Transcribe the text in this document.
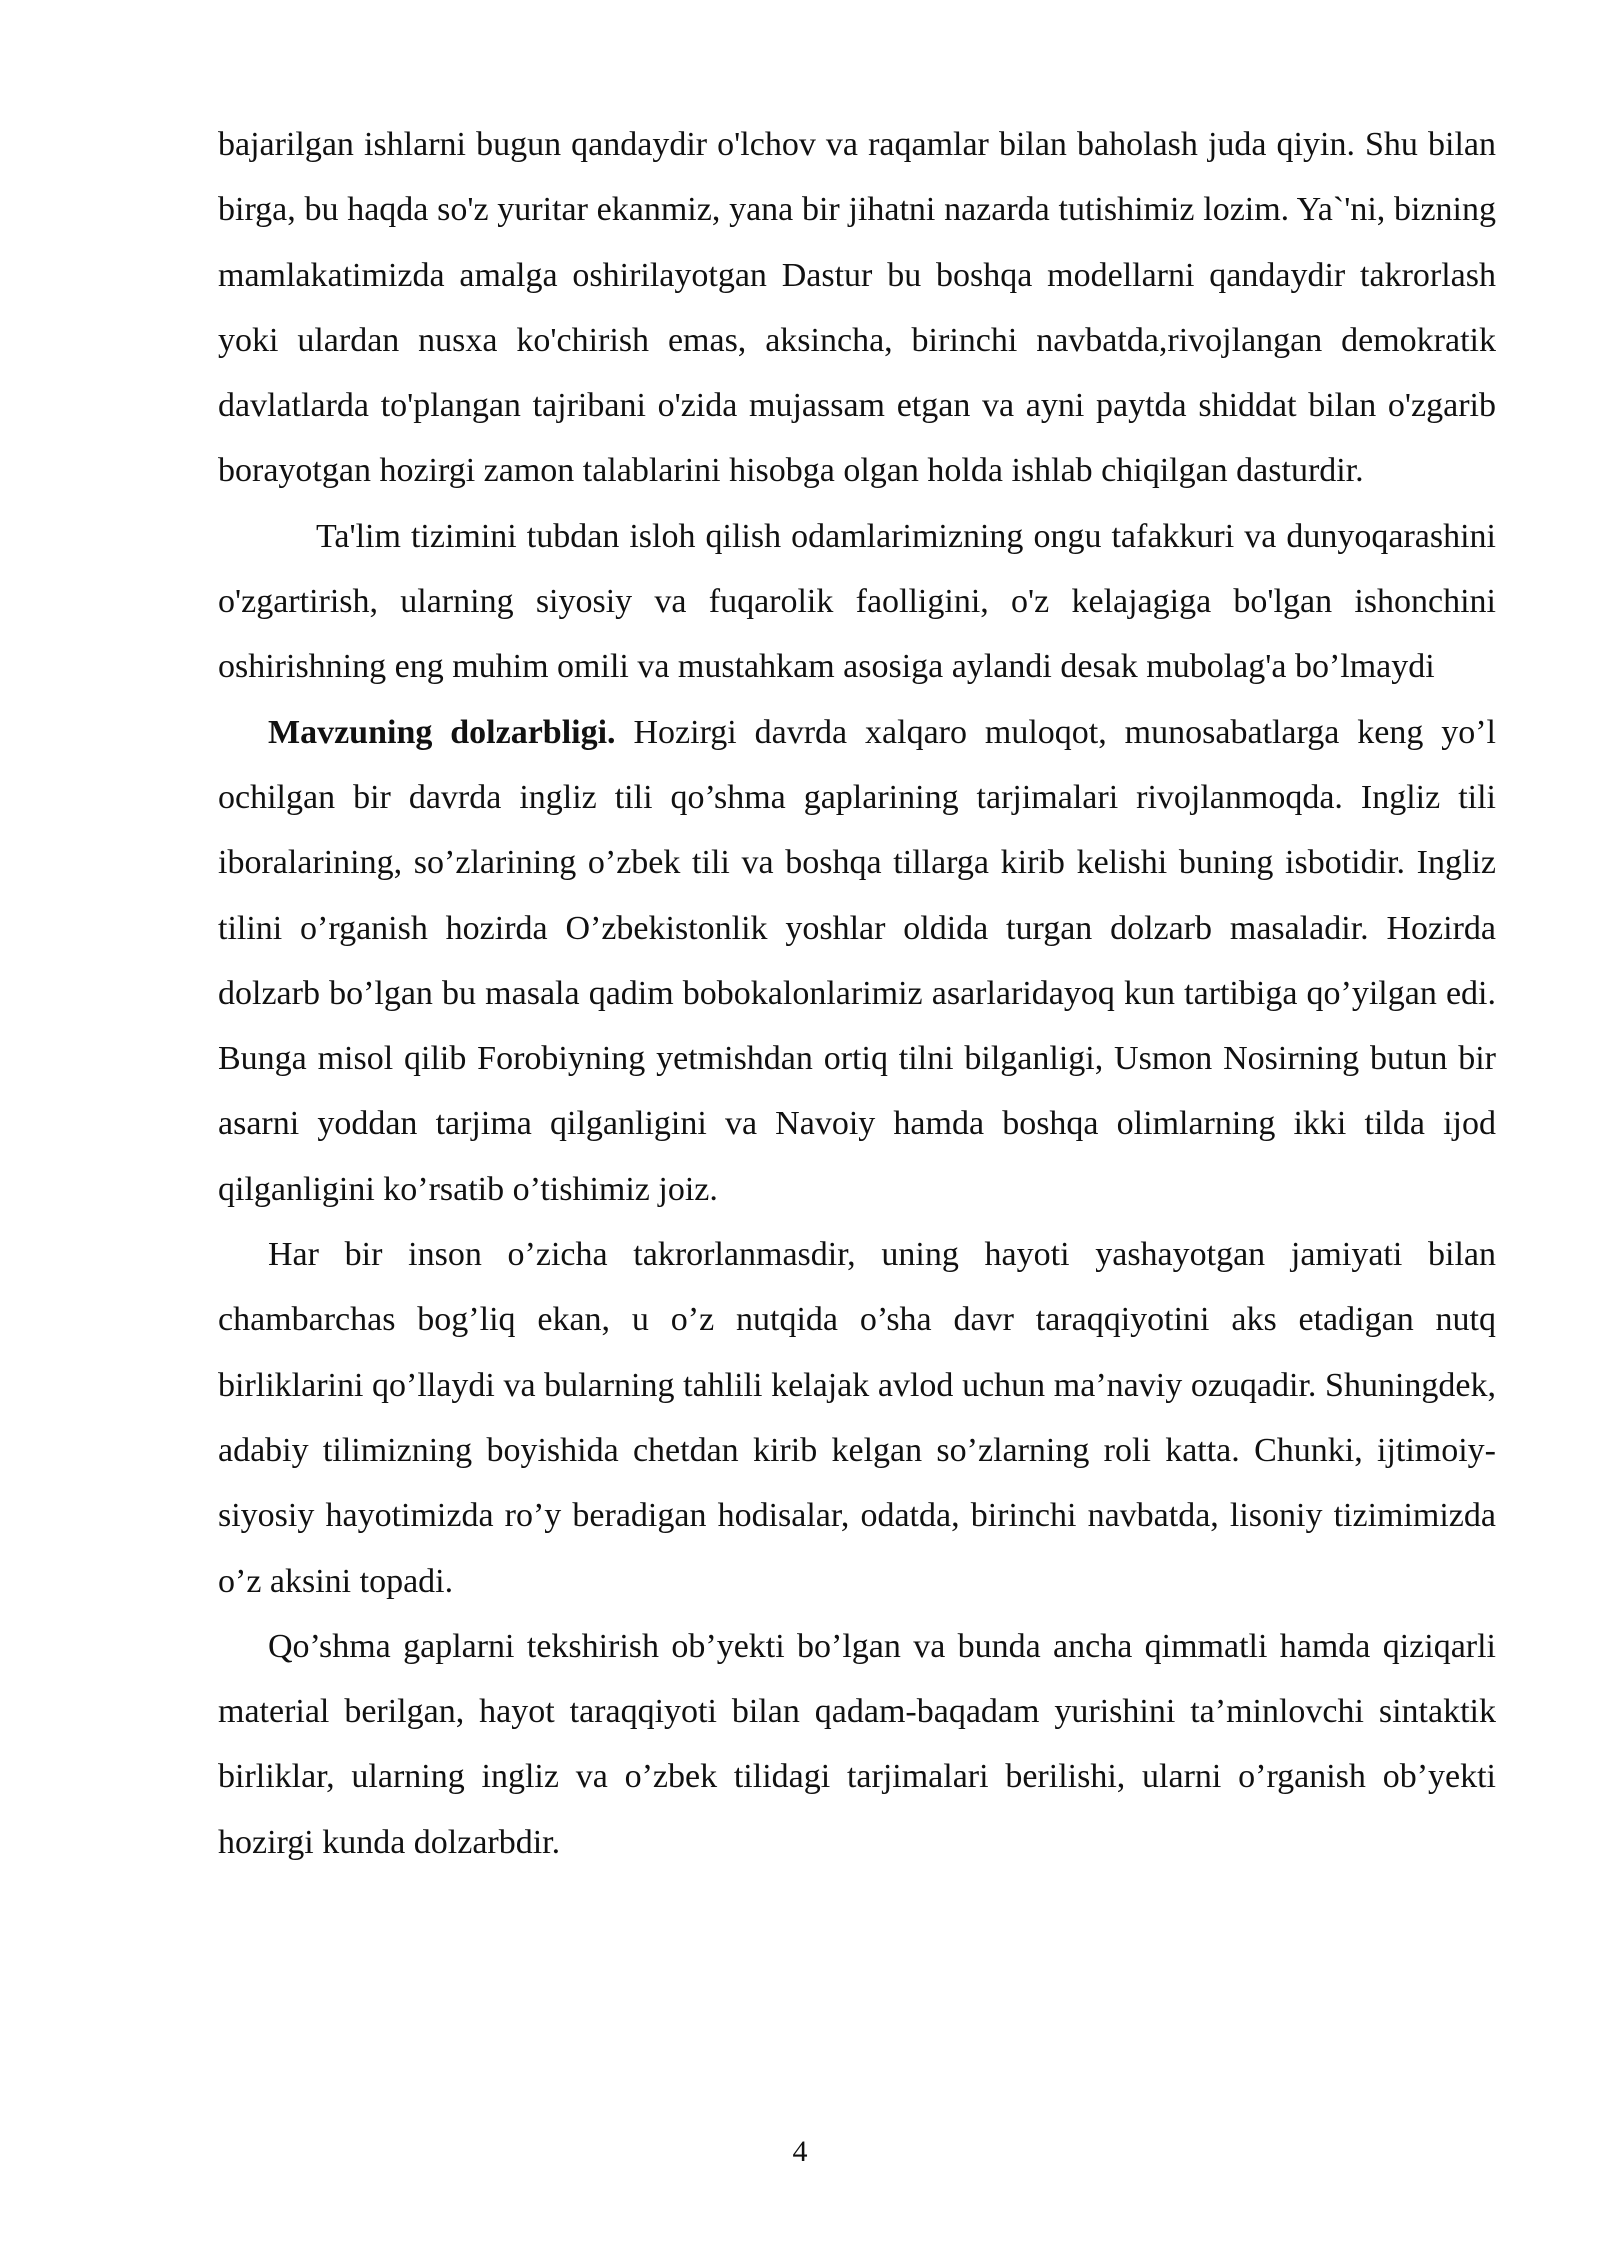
bajarilgan ishlarni bugun qandaydir o'lchov va raqamlar bilan baholash juda qiyin. Shu bilan birga, bu haqda so'z yuritar ekanmiz, yana bir jihatni nazarda tutishimiz lozim. Ya`'ni, bizning mamlakatimizda amalga oshirilayotgan Dastur bu boshqa modellarni qandaydir takrorlash yoki ulardan nusxa ko'chirish emas, aksincha, birinchi navbatda,rivojlangan demokratik davlatlarda to'plangan tajribani o'zida mujassam etgan va ayni paytda shiddat bilan o'zgarib borayotgan hozirgi zamon talablarini hisobga olgan holda ishlab chiqilgan dasturdir.

Ta'lim tizimini tubdan isloh qilish odamlarimizning ongu tafakkuri va dunyoqarashini o'zgartirish, ularning siyosiy va fuqarolik faolligini, o'z kelajagiga bo'lgan ishonchini oshirishning eng muhim omili va mustahkam asosiga aylandi desak mubolag'a bo’lmaydi

Mavzuning dolzarbligi. Hozirgi davrda xalqaro muloqot, munosabatlarga keng yo’l ochilgan bir davrda ingliz tili qo’shma gaplarining tarjimalari rivojlanmoqda. Ingliz tili iboralarining, so’zlarining o’zbek tili va boshqa tillarga kirib kelishi buning isbotidir. Ingliz tilini o’rganish hozirda O’zbekistonlik yoshlar oldida turgan dolzarb masaladir. Hozirda dolzarb bo’lgan bu masala qadim bobokalonlarimiz asarlaridayoq kun tartibiga qo’yilgan edi. Bunga misol qilib Forobiyning yetmishdan ortiq tilni bilganligi, Usmon Nosirning butun bir asarni yoddan tarjima qilganligini va Navoiy hamda boshqa olimlarning ikki tilda ijod qilganligini ko’rsatib o’tishimiz joiz.

Har bir inson o’zicha takrorlanmasdir, uning hayoti yashayotgan jamiyati bilan chambarchas bog’liq ekan, u o’z nutqida o’sha davr taraqqiyotini aks etadigan nutq birliklarini qo’llaydi va bularning tahlili kelajak avlod uchun ma’naviy ozuqadir. Shuningdek, adabiy tilimizning boyishida chetdan kirib kelgan so’zlarning roli katta. Chunki, ijtimoiy-siyosiy hayotimizda ro’y beradigan hodisalar, odatda, birinchi navbatda, lisoniy tizimimizda o’z aksini topadi.

Qo’shma gaplarni tekshirish ob’yekti bo’lgan va bunda ancha qimmatli hamda qiziqarli material berilgan, hayot taraqqiyoti bilan qadam-baqadam yurishini ta’minlovchi sintaktik birliklar, ularning ingliz va o’zbek tilidagi tarjimalari berilishi, ularni o’rganish ob’yekti hozirgi kunda dolzarbdir.

4
